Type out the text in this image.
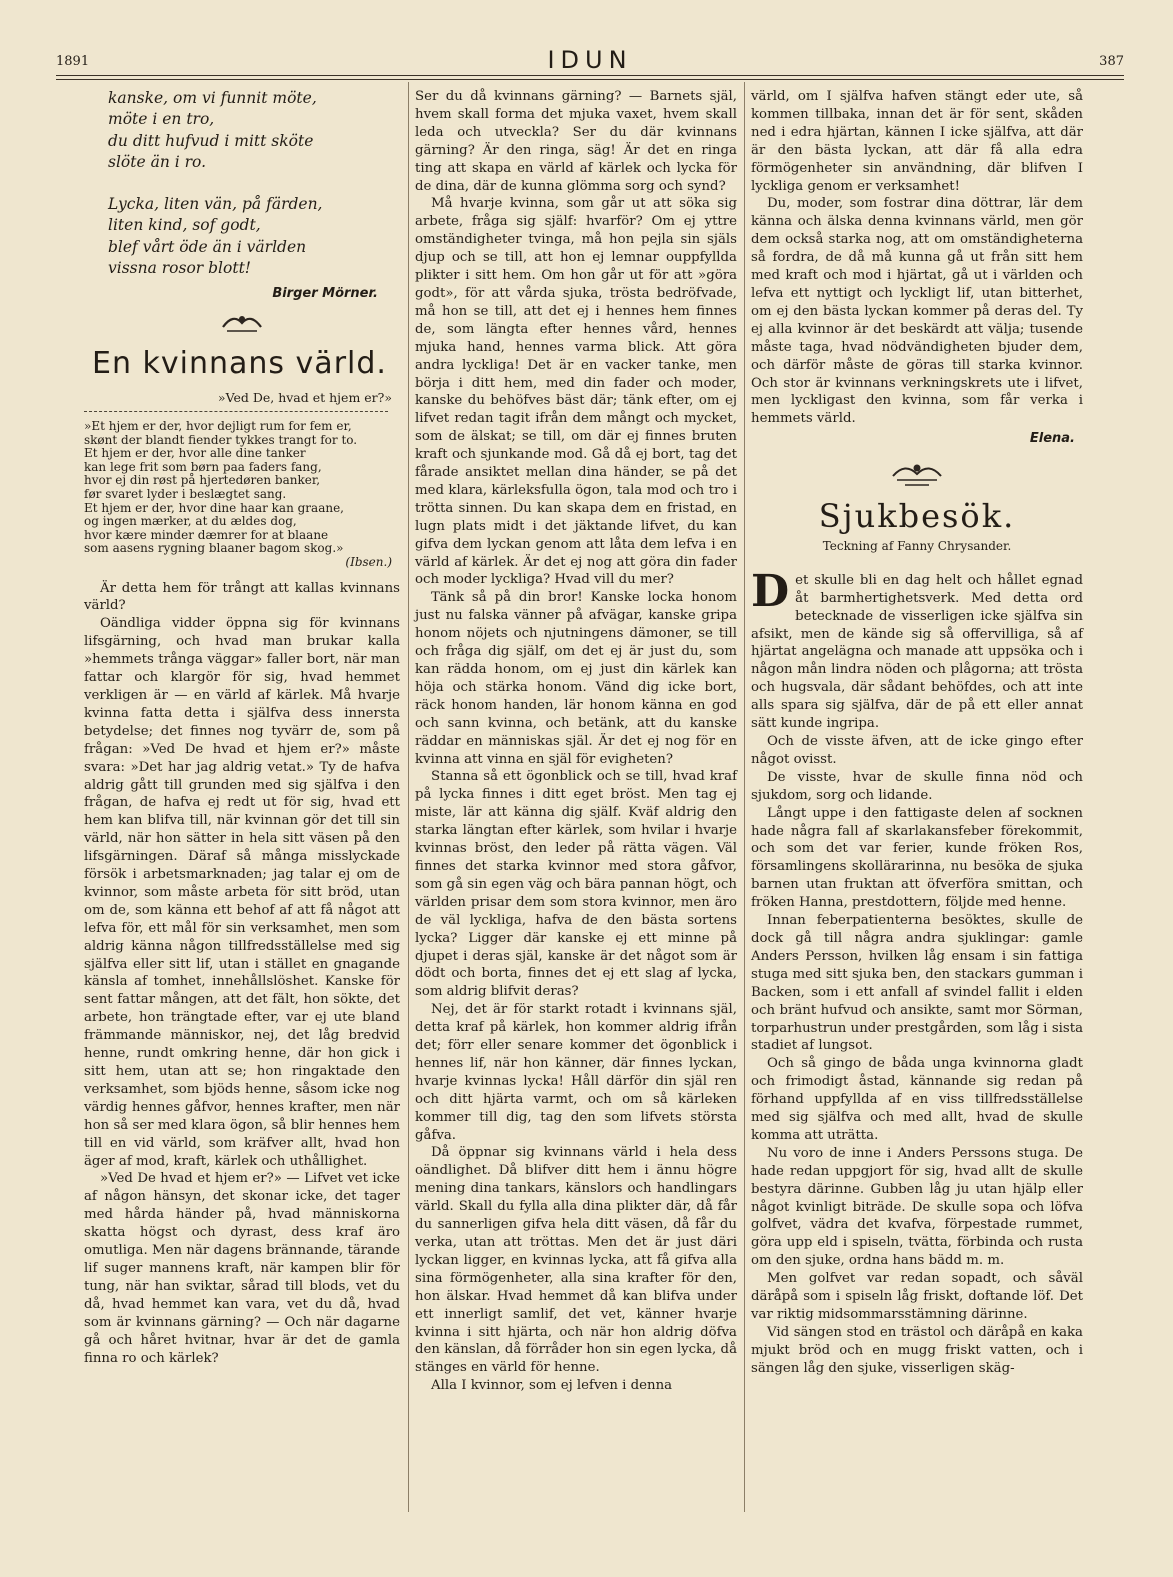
1891	IDUN	387
kanske, om vi funnit möte,
möte i en tro,
du ditt hufvud i mitt sköte
slöte än i ro.
Lycka, liten vän, på färden,
liten kind, sof godt,
blef vårt öde än i världen
vissna rosor blott!
Birger Mörner.
En kvinnans värld.
»Ved De, hvad et hjem er?»
»Et hjem er der, hvor dejligt rum for fem er,
skønt der blandt fiender tykkes trangt for to.
Et hjem er der, hvor alle dine tanker
kan lege frit som børn paa faders fang,
hvor ej din røst på hjertedøren banker,
før svaret lyder i beslægtet sang.
Et hjem er der, hvor dine haar kan graane,
og ingen mærker, at du ældes dog,
hvor kære minder dæmrer for at blaane
som aasens rygning blaaner bagom skog.»
(Ibsen.)

Är detta hem för trångt att kallas kvinnans värld?

Oändliga vidder öppna sig för kvinnans lifsgärning, och hvad man brukar kalla »hemmets trånga väggar» faller bort, när man fattar och klargör för sig, hvad hemmet verkligen är — en värld af kärlek. Må hvarje kvinna fatta detta i själfva dess innersta betydelse; det finnes nog tyvärr de, som på frågan: »Ved De hvad et hjem er?» måste svara: »Det har jag aldrig vetat.» Ty de hafva aldrig gått till grunden med sig själfva i den frågan, de hafva ej redt ut för sig, hvad ett hem kan blifva till, när kvinnan gör det till sin värld, när hon sätter in hela sitt väsen på den lifsgärningen. Däraf så många misslyckade försök i arbetsmarknaden; jag talar ej om de kvinnor, som måste arbeta för sitt bröd, utan om de, som känna ett behof af att få något att lefva för, ett mål för sin verksamhet, men som aldrig känna någon tillfredsställelse med sig själfva eller sitt lif, utan i stället en gnagande känsla af tomhet, innehållslöshet. Kanske för sent fattar mången, att det fält, hon sökte, det arbete, hon trängtade efter, var ej ute bland främmande människor, nej, det låg bredvid henne, rundt omkring henne, där hon gick i sitt hem, utan att se; hon ringaktade den verksamhet, som bjöds henne, såsom icke nog värdig hennes gåfvor, hennes krafter, men när hon så ser med klara ögon, så blir hennes hem till en vid värld, som kräfver allt, hvad hon äger af mod, kraft, kärlek och uthållighet.

»Ved De hvad et hjem er?» — Lifvet vet icke af någon hänsyn, det skonar icke, det tager med hårda händer på, hvad människorna skatta högst och dyrast, dess kraf äro omutliga. Men när dagens brännande, tärande lif suger mannens kraft, när kampen blir för tung, när han sviktar, sårad till blods, vet du då, hvad hemmet kan vara, vet du då, hvad som är kvinnans gärning? — Och när dagarne gå och håret hvitnar, hvar är det de gamla finna ro och kärlek?

Ser du då kvinnans gärning? — Barnets själ, hvem skall forma det mjuka vaxet, hvem skall leda och utveckla? Ser du där kvinnans gärning? Är den ringa, säg! Är det en ringa ting att skapa en värld af kärlek och lycka för de dina, där de kunna glömma sorg och synd?

Må hvarje kvinna, som går ut att söka sig arbete, fråga sig själf: hvarför? Om ej yttre omständigheter tvinga, må hon pejla sin själs djup och se till, att hon ej lemnar ouppfyllda plikter i sitt hem. Om hon går ut för att »göra godt», för att vårda sjuka, trösta bedröfvade, må hon se till, att det ej i hennes hem finnes de, som längta efter hennes vård, hennes mjuka hand, hennes varma blick. Att göra andra lyckliga! Det är en vacker tanke, men börja i ditt hem, med din fader och moder, kanske du behöfves bäst där; tänk efter, om ej lifvet redan tagit ifrån dem mångt och mycket, som de älskat; se till, om där ej finnes bruten kraft och sjunkande mod. Gå då ej bort, tag det fårade ansiktet mellan dina händer, se på det med klara, kärleksfulla ögon, tala mod och tro i trötta sinnen. Du kan skapa dem en fristad, en lugn plats midt i det jäktande lifvet, du kan gifva dem lyckan genom att låta dem lefva i en värld af kärlek. Är det ej nog att göra din fader och moder lyckliga? Hvad vill du mer?

Tänk så på din bror! Kanske locka honom just nu falska vänner på afvägar, kanske gripa honom nöjets och njutningens dämoner, se till och fråga dig själf, om det ej är just du, som kan rädda honom, om ej just din kärlek kan höja och stärka honom. Vänd dig icke bort, räck honom handen, lär honom känna en god och sann kvinna, och betänk, att du kanske räddar en människas själ. Är det ej nog för en kvinna att vinna en själ för evigheten?

Stanna så ett ögonblick och se till, hvad kraf på lycka finnes i ditt eget bröst. Men tag ej miste, lär att känna dig själf. Kväf aldrig den starka längtan efter kärlek, som hvilar i hvarje kvinnas bröst, den leder på rätta vägen. Väl finnes det starka kvinnor med stora gåfvor, som gå sin egen väg och bära pannan högt, och världen prisar dem som stora kvinnor, men äro de väl lyckliga, hafva de den bästa sortens lycka? Ligger där kanske ej ett minne på djupet i deras själ, kanske är det något som är dödt och borta, finnes det ej ett slag af lycka, som aldrig blifvit deras?

Nej, det är för starkt rotadt i kvinnans själ, detta kraf på kärlek, hon kommer aldrig ifrån det; förr eller senare kommer det ögonblick i hennes lif, när hon känner, där finnes lyckan, hvarje kvinnas lycka! Håll därför din själ ren och ditt hjärta varmt, och om så kärleken kommer till dig, tag den som lifvets största gåfva.

Då öppnar sig kvinnans värld i hela dess oändlighet. Då blifver ditt hem i ännu högre mening dina tankars, känslors och handlingars värld. Skall du fylla alla dina plikter där, då får du sannerligen gifva hela ditt väsen, då får du verka, utan att tröttas. Men det är just däri lyckan ligger, en kvinnas lycka, att få gifva alla sina förmögenheter, alla sina krafter för den, hon älskar. Hvad hemmet då kan blifva under ett innerligt samlif, det vet, känner hvarje kvinna i sitt hjärta, och när hon aldrig döfva den känslan, då förråder hon sin egen lycka, då stänges en värld för henne.

Alla I kvinnor, som ej lefven i denna

värld, om I själfva hafven stängt eder ute, så kommen tillbaka, innan det är för sent, skåden ned i edra hjärtan, kännen I icke själfva, att där är den bästa lyckan, att där få alla edra förmögenheter sin användning, där blifven I lyckliga genom er verksamhet!

Du, moder, som fostrar dina döttrar, lär dem känna och älska denna kvinnans värld, men gör dem också starka nog, att om omständigheterna så fordra, de då må kunna gå ut från sitt hem med kraft och mod i hjärtat, gå ut i världen och lefva ett nyttigt och lyckligt lif, utan bitterhet, om ej den bästa lyckan kommer på deras del. Ty ej alla kvinnor är det beskärdt att välja; tusende måste taga, hvad nödvändigheten bjuder dem, och därför måste de göras till starka kvinnor. Och stor är kvinnans verkningskrets ute i lifvet, men lyckligast den kvinna, som får verka i hemmets värld.

Elena.
Sjukbesök.
Teckning af Fanny Chrysander.

Det skulle bli en dag helt och hållet egnad åt barmhertighetsverk. Med detta ord betecknade de visserligen icke själfva sin afsikt, men de kände sig så offervilliga, så af hjärtat angelägna och manade att uppsöka och i någon mån lindra nöden och plågorna; att trösta och hugsvala, där sådant behöfdes, och att inte alls spara sig själfva, där de på ett eller annat sätt kunde ingripa.

Och de visste äfven, att de icke gingo efter något ovisst.

De visste, hvar de skulle finna nöd och sjukdom, sorg och lidande.

Långt uppe i den fattigaste delen af socknen hade några fall af skarlakansfeber förekommit, och som det var ferier, kunde fröken Ros, församlingens skollärarinna, nu besöka de sjuka barnen utan fruktan att öfverföra smittan, och fröken Hanna, prestdottern, följde med henne.

Innan feberpatienterna besöktes, skulle de dock gå till några andra sjuklingar: gamle Anders Persson, hvilken låg ensam i sin fattiga stuga med sitt sjuka ben, den stackars gumman i Backen, som i ett anfall af svindel fallit i elden och bränt hufvud och ansikte, samt mor Sörman, torparhustrun under prestgården, som låg i sista stadiet af lungsot.

Och så gingo de båda unga kvinnorna gladt och frimodigt åstad, kännande sig redan på förhand uppfyllda af en viss tillfredsställelse med sig själfva och med allt, hvad de skulle komma att uträtta.

Nu voro de inne i Anders Perssons stuga. De hade redan uppgjort för sig, hvad allt de skulle bestyra därinne. Gubben låg ju utan hjälp eller något kvinligt biträde. De skulle sopa och löfva golfvet, vädra det kvafva, förpestade rummet, göra upp eld i spiseln, tvätta, förbinda och rusta om den sjuke, ordna hans bädd m. m.

Men golfvet var redan sopadt, och såväl däråpå som i spiseln låg friskt, doftande löf. Det var riktig midsommarsstämning därinne.

Vid sängen stod en trästol och däråpå en kaka mjukt bröd och en mugg friskt vatten, och i sängen låg den sjuke, visserligen skäg-
